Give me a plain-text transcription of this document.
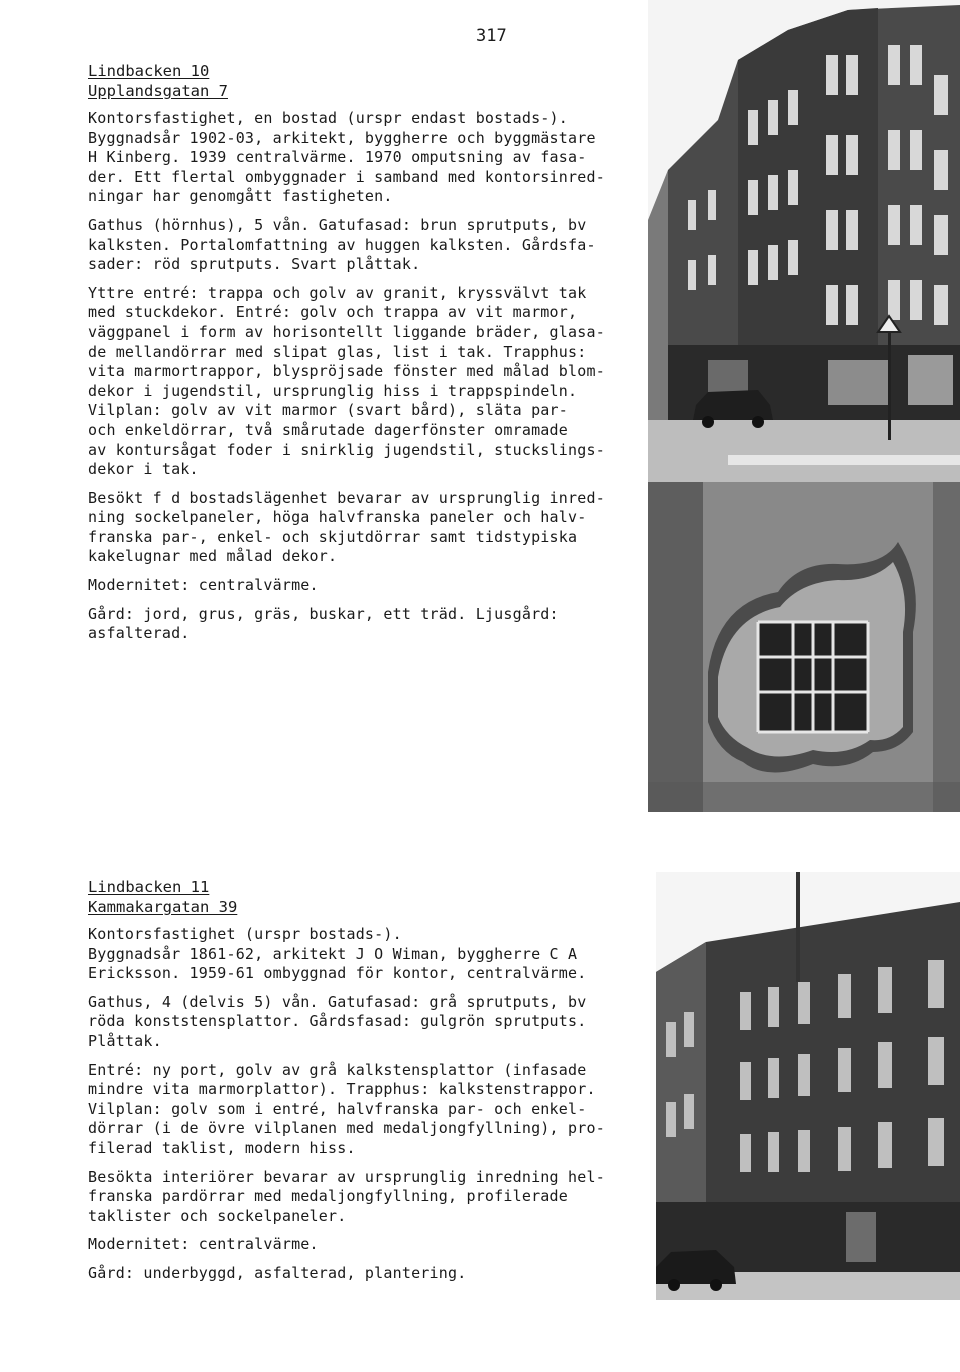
317
Lindbacken 10
Upplandsgatan 7

Kontorsfastighet, en bostad (urspr endast bostads-).
Byggnadsår 1902-03, arkitekt, byggherre och byggmästare
H Kinberg. 1939 centralvärme. 1970 omputsning av fasa-
der. Ett flertal ombyggnader i samband med kontorsinred-
ningar har genomgått fastigheten.

Gathus (hörnhus), 5 vån. Gatufasad: brun sprutputs, bv
kalksten. Portalomfattning av huggen kalksten. Gårdsfa-
sader: röd sprutputs. Svart plåttak.

Yttre entré: trappa och golv av granit, kryssvälvt tak
med stuckdekor. Entré: golv och trappa av vit marmor,
väggpanel i form av horisontellt liggande bräder, glasa-
de mellandörrar med slipat glas, list i tak. Trapphus:
vita marmortrappor, blyspröjsade fönster med målad blom-
dekor i jugendstil, ursprunglig hiss i trappspindeln.
Vilplan: golv av vit marmor (svart bård), släta par-
och enkeldörrar, två smårutade dagerfönster omramade
av kontursågat foder i snirklig jugendstil, stuckslings-
dekor i tak.

Besökt f d bostadslägenhet bevarar av ursprunglig inred-
ning sockelpaneler, höga halvfranska paneler och halv-
franska par-, enkel- och skjutdörrar samt tidstypiska
kakelugnar med målad dekor.

Modernitet: centralvärme.

Gård: jord, grus, gräs, buskar, ett träd. Ljusgård:
asfalterad.

Lindbacken 11
Kammakargatan 39

Kontorsfastighet (urspr bostads-).
Byggnadsår 1861-62, arkitekt J O Wiman, byggherre C A
Ericksson. 1959-61 ombyggnad för kontor, centralvärme.

Gathus, 4 (delvis 5) vån. Gatufasad: grå sprutputs, bv
röda konststensplattor. Gårdsfasad: gulgrön sprutputs.
Plåttak.

Entré: ny port, golv av grå kalkstensplattor (infasade
mindre vita marmorplattor). Trapphus: kalkstenstrappor.
Vilplan: golv som i entré, halvfranska par- och enkel-
dörrar (i de övre vilplanen med medaljongfyllning), pro-
filerad taklist, modern hiss.

Besökta interiörer bevarar av ursprunglig inredning hel-
franska pardörrar med medaljongfyllning, profilerade
taklister och sockelpaneler.

Modernitet: centralvärme.

Gård: underbyggd, asfalterad, plantering.
